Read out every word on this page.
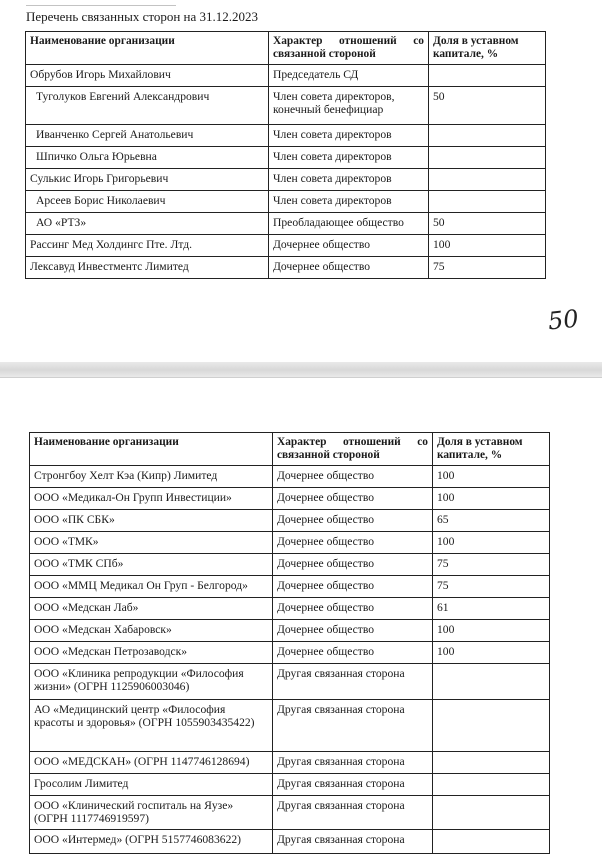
Перечень связанных сторон на 31.12.2023
Наименование организации	Характер отношений со связанной стороной	Доля в уставном капитале, %
Обрубов Игорь Михайлович	Председатель СД	
Туголуков Евгений Александрович	Член совета директоров, конечный бенефициар	50
Иванченко Сергей Анатольевич	Член совета директоров	
Шпичко Ольга Юрьевна	Член совета директоров	
Сулькис Игорь Григорьевич	Член совета директоров	
Арсеев Борис Николаевич	Член совета директоров	
АО «РТЗ»	Преобладающее общество	50
Рассинг Мед Холдингс Пте. Лтд.	Дочернее общество	100
Лексавуд Инвестментс Лимитед	Дочернее общество	75
50
Наименование организации	Характер отношений со связанной стороной	Доля в уставном капитале, %
Стронгбоу Хелт Кэа (Кипр) Лимитед	Дочернее общество	100
ООО «Медикал-Он Групп Инвестиции»	Дочернее общество	100
ООО «ПК СБК»	Дочернее общество	65
ООО «ТМК»	Дочернее общество	100
ООО «ТМК СПб»	Дочернее общество	75
ООО «ММЦ Медикал Он Груп - Белгород»	Дочернее общество	75
ООО «Медскан Лаб»	Дочернее общество	61
ООО «Медскан Хабаровск»	Дочернее общество	100
ООО «Медскан Петрозаводск»	Дочернее общество	100
ООО «Клиника репродукции «Философия жизни» (ОГРН 1125906003046)	Другая связанная сторона	
АО «Медицинский центр «Философия красоты и здоровья» (ОГРН 1055903435422)	Другая связанная сторона	
ООО «МЕДСКАН» (ОГРН 1147746128694)	Другая связанная сторона	
Гросолим Лимитед	Другая связанная сторона	
ООО «Клинический госпиталь на Яузе» (ОГРН 1117746919597)	Другая связанная сторона	
ООО «Интермед» (ОГРН 5157746083622)	Другая связанная сторона	
